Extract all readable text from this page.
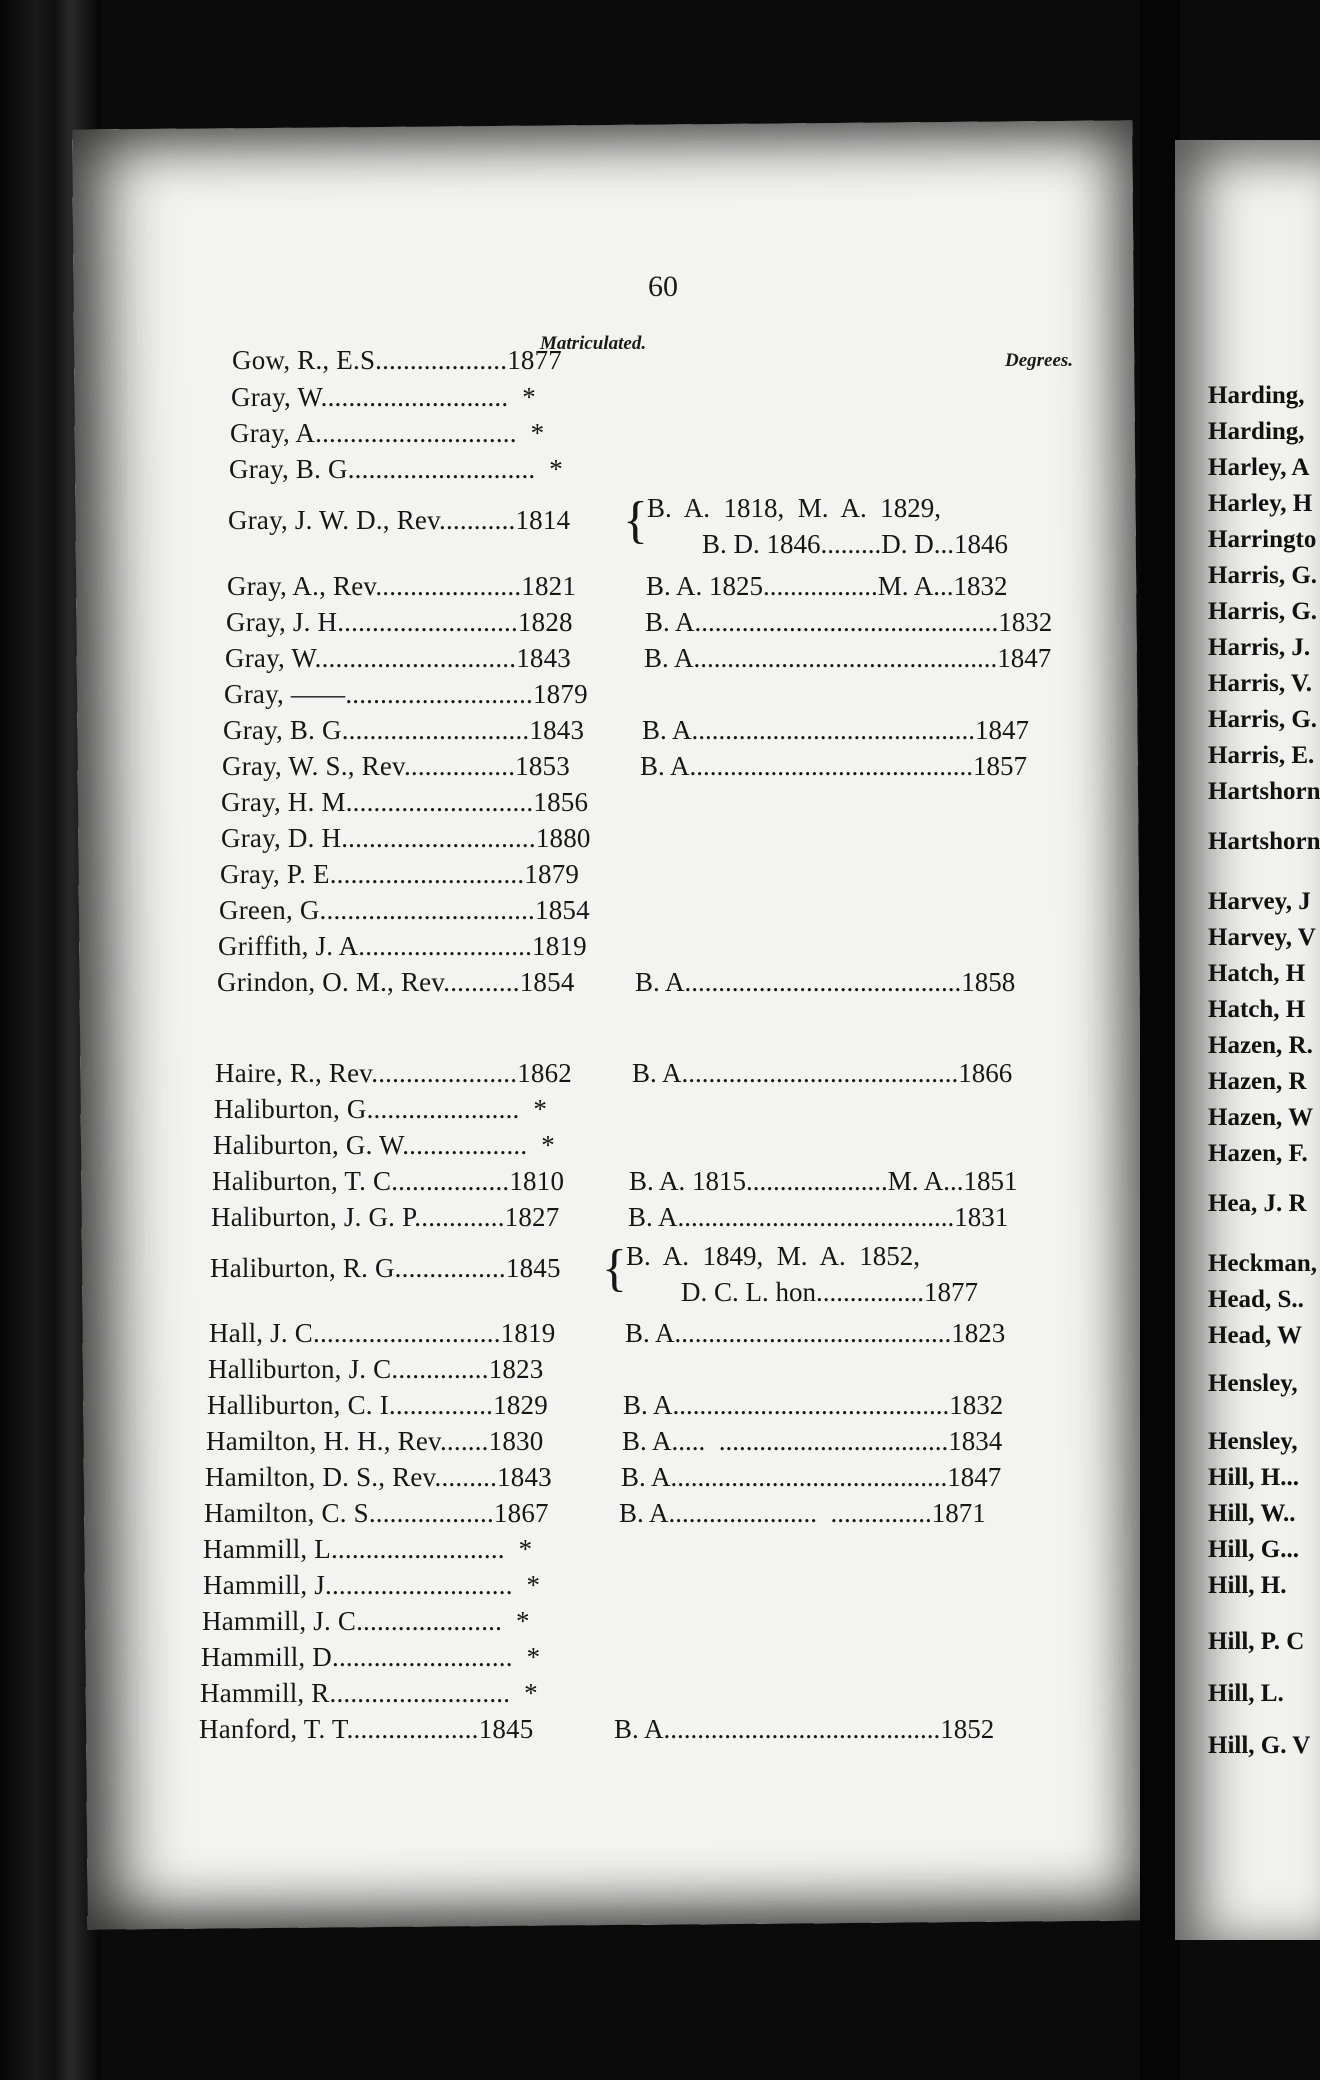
60
Matriculated.
Degrees.
Gow, R., E.S...................1877
Gray, W...........................  *
Gray, A.............................  *
Gray, B. G...........................  *
Gray, J. W. D., Rev...........1814 { B.  A.  1818,  M.  A.  1829,
B. D. 1846.........D. D...1846
Gray, A., Rev.....................1821	B. A. 1825.................M. A...1832
Gray, J. H..........................1828	B. A.............................................1832
Gray, W.............................1843	B. A.............................................1847
Gray, ——...........................1879
Gray, B. G...........................1843 B. A..........................................1847
Gray, W. S., Rev................1853	B. A..........................................1857
Gray, H. M...........................1856
Gray, D. H............................1880
Gray, P. E............................1879
Green, G...............................1854
Griffith, J. A.........................1819
Grindon, O. M., Rev...........1854 B. A.........................................1858
Haire, R., Rev.....................1862 B. A.........................................1866
Haliburton, G......................  *
Haliburton, G. W..................  *
Haliburton, T. C.................1810 B. A. 1815.....................M. A...1851
Haliburton, J. G. P.............1827	B. A.........................................1831
Haliburton, R. G................1845 { B.  A.  1849,  M.  A.  1852,
D. C. L. hon................1877
Hall, J. C...........................1819	B. A.........................................1823
Halliburton, J. C..............1823
Halliburton, C. I...............1829	B. A.........................................1832
Hamilton, H. H., Rev.......1830	B. A.....  ..................................1834
Hamilton, D. S., Rev.........1843	B. A.........................................1847
Hamilton, C. S..................1867	B. A......................  ...............1871
Hammill, L.........................  *
Hammill, J...........................  *
Hammill, J. C.....................  *
Hammill, D..........................  *
Hammill, R..........................  *
Hanford, T. T...................1845	B. A.........................................1852
Harding,
Harding,
Harley, A
Harley, H
Harringto
Harris, G.
Harris, G.
Harris, J.
Harris, V.
Harris, G.
Harris, E.
Hartshorn
Hartshorn
Harvey, J
Harvey, V
Hatch, H
Hatch, H
Hazen, R.
Hazen, R
Hazen, W
Hazen, F.
Hea, J. R
Heckman,
Head, S..
Head, W
Hensley,
Hensley,
Hill, H...
Hill, W..
Hill, G...
Hill, H.
Hill, P. C
Hill, L.
Hill, G. V
